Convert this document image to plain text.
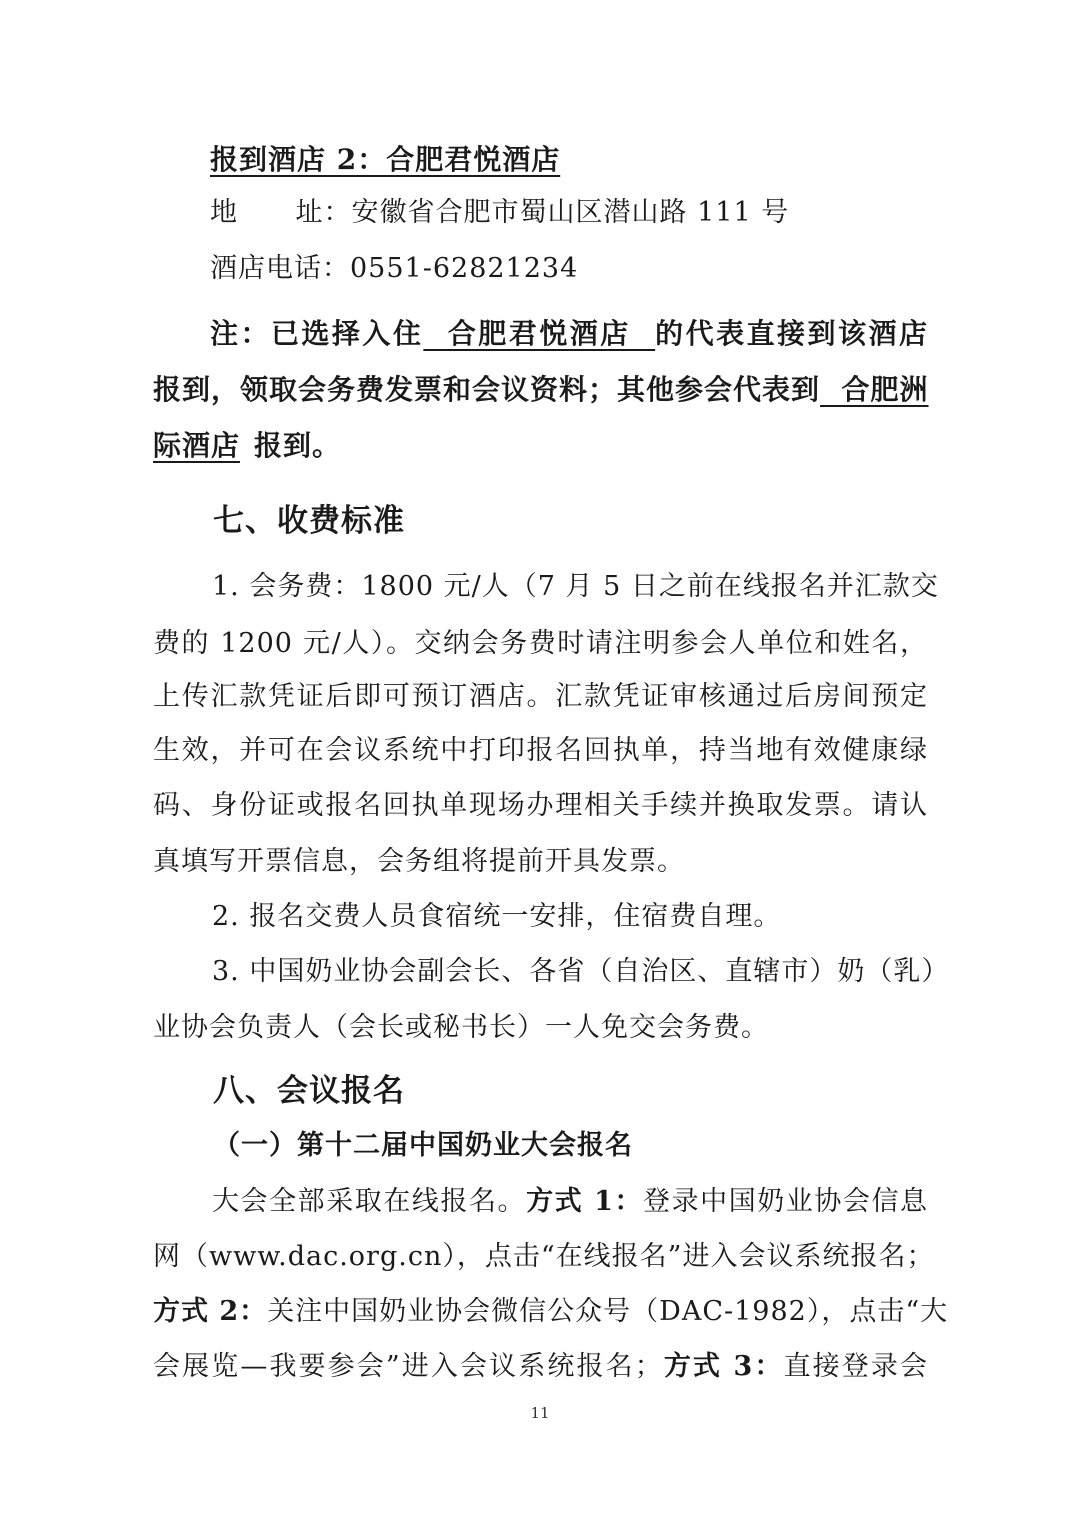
报到酒店 2：合肥君悦酒店
地      址：安徽省合肥市蜀山区潜山路 111 号
酒店电话：0551-62821234
注：已选择入住  合肥君悦酒店  的代表直接到该酒店
报到，领取会务费发票和会议资料；其他参会代表到  合肥洲
际酒店 报到。
七、收费标准
1. 会务费：1800 元/人（7 月 5 日之前在线报名并汇款交
费的 1200 元/人）。交纳会务费时请注明参会人单位和姓名，
上传汇款凭证后即可预订酒店。汇款凭证审核通过后房间预定
生效，并可在会议系统中打印报名回执单，持当地有效健康绿
码、身份证或报名回执单现场办理相关手续并换取发票。请认
真填写开票信息，会务组将提前开具发票。
2. 报名交费人员食宿统一安排，住宿费自理。
3. 中国奶业协会副会长、各省（自治区、直辖市）奶（乳）
业协会负责人（会长或秘书长）一人免交会务费。
八、会议报名
（一）第十二届中国奶业大会报名
大会全部采取在线报名。方式 1：登录中国奶业协会信息
网（www.dac.org.cn），点击“在线报名”进入会议系统报名；
方式 2：关注中国奶业协会微信公众号（DAC-1982），点击“大
会展览—我要参会”进入会议系统报名；方式 3：直接登录会
11
